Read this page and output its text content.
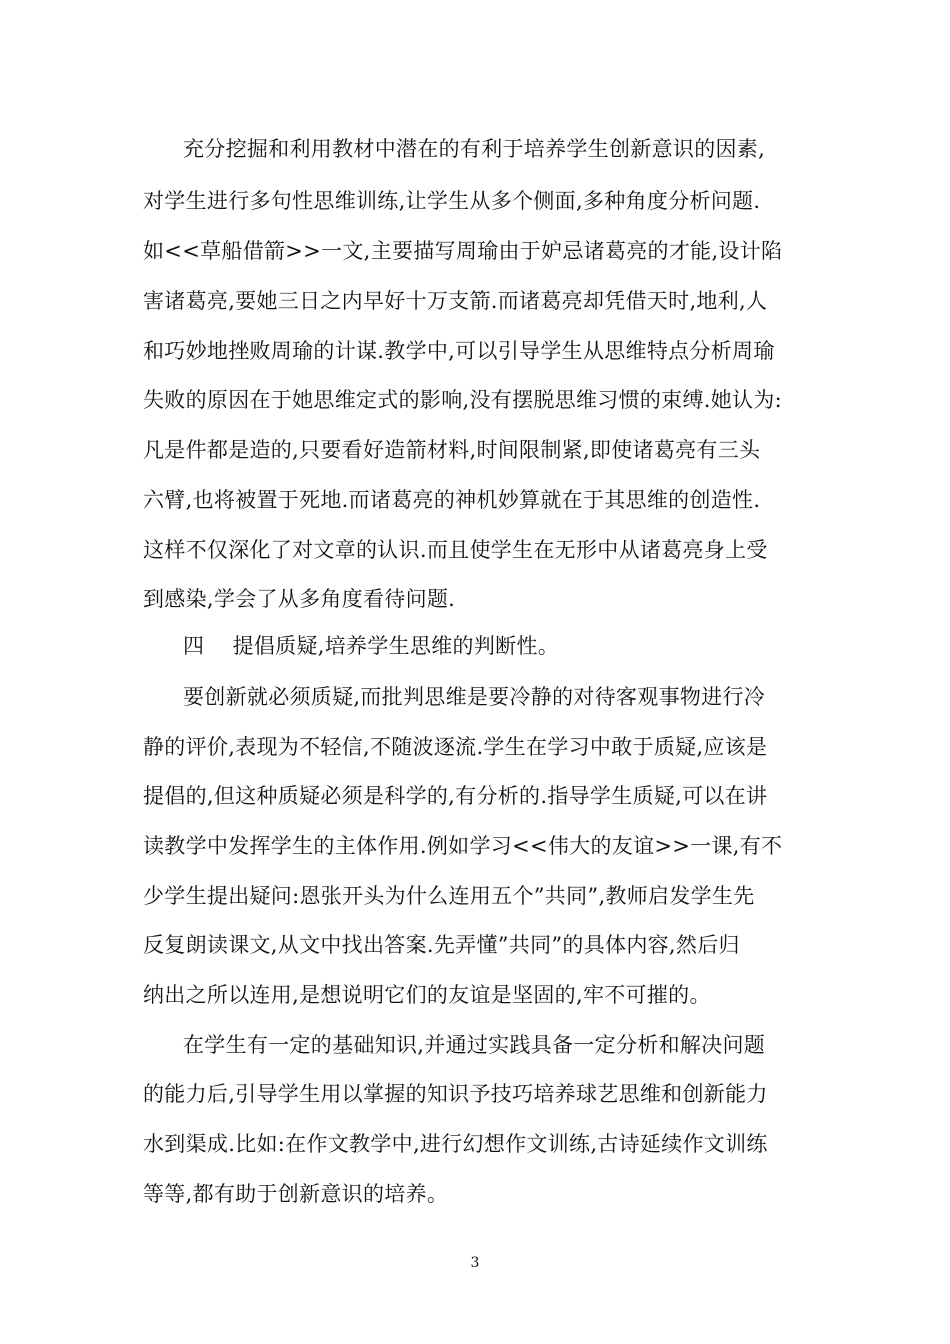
充分挖掘和利用教材中潜在的有利于培养学生创新意识的因素,
对学生进行多句性思维训练,让学生从多个侧面,多种角度分析问题.
如<<草船借箭>>一文,主要描写周瑜由于妒忌诸葛亮的才能,设计陷
害诸葛亮,要她三日之内早好十万支箭.而诸葛亮却凭借天时,地利,人
和巧妙地挫败周瑜的计谋.教学中,可以引导学生从思维特点分析周瑜
失败的原因在于她思维定式的影响,没有摆脱思维习惯的束缚.她认为:
凡是件都是造的,只要看好造箭材料,时间限制紧,即使诸葛亮有三头
六臂,也将被置于死地.而诸葛亮的神机妙算就在于其思维的创造性.
这样不仅深化了对文章的认识.而且使学生在无形中从诸葛亮身上受
到感染,学会了从多角度看待问题.
四　 提倡质疑,培养学生思维的判断性。
要创新就必须质疑,而批判思维是要冷静的对待客观事物进行冷
静的评价,表现为不轻信,不随波逐流.学生在学习中敢于质疑,应该是
提倡的,但这种质疑必须是科学的,有分析的.指导学生质疑,可以在讲
读教学中发挥学生的主体作用.例如学习<<伟大的友谊>>一课,有不
少学生提出疑问:恩张开头为什么连用五个”共同”,教师启发学生先
反复朗读课文,从文中找出答案.先弄懂”共同”的具体内容,然后归
纳出之所以连用,是想说明它们的友谊是坚固的,牢不可摧的。
在学生有一定的基础知识,并通过实践具备一定分析和解决问题
的能力后,引导学生用以掌握的知识予技巧培养球艺思维和创新能力
水到渠成.比如:在作文教学中,进行幻想作文训练,古诗延续作文训练
等等,都有助于创新意识的培养。
3
